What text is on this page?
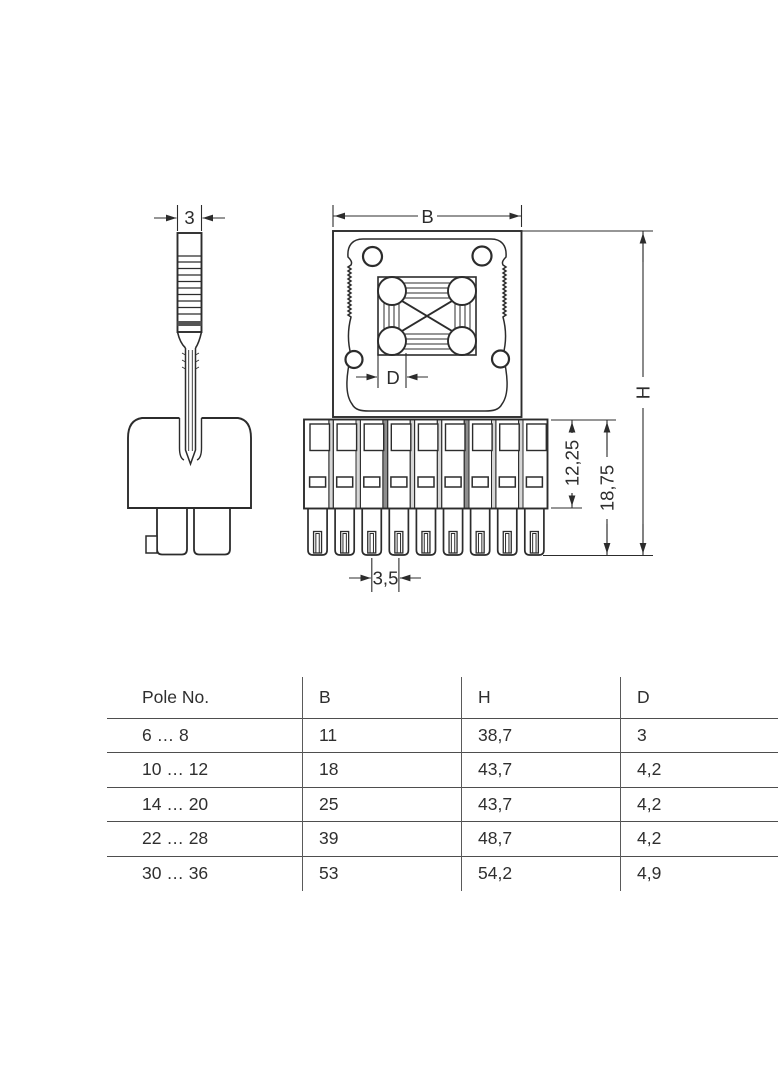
3	B
D
12,25
18,75
H
3,5
Pole No.	B	H	D
6 … 8	11	38,7	3
10 … 12	18	43,7	4,2
14 … 20	25	43,7	4,2
22 … 28	39	48,7	4,2
30 … 36	53	54,2	4,9
